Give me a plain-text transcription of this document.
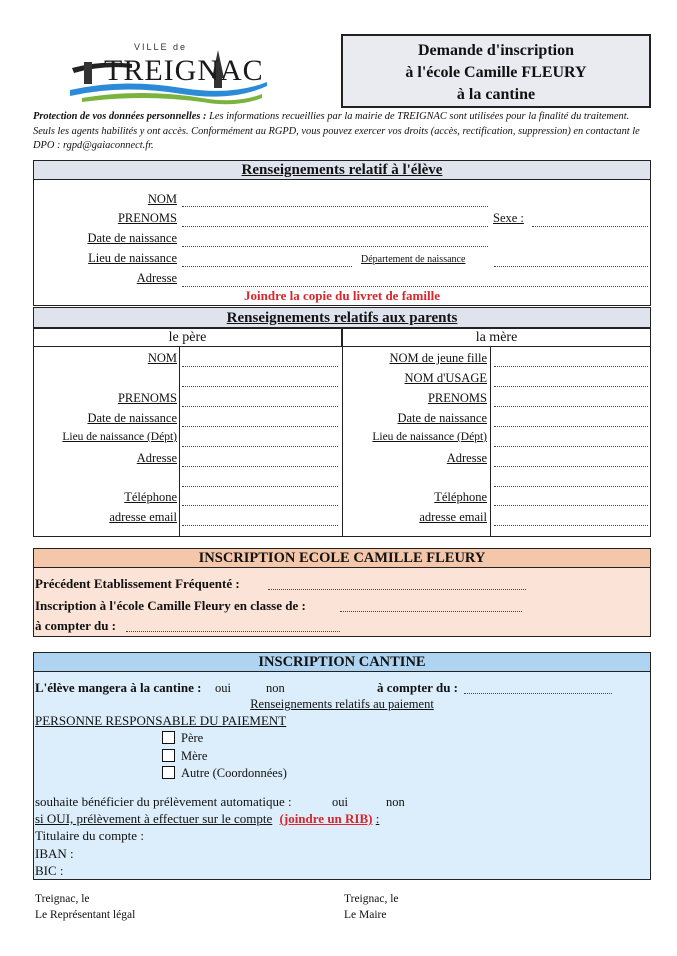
VILLE de
TREIGNAC
Demande d'inscription
à l'école Camille FLEURY
à la cantine
Protection de vos données personnelles : Les informations recueillies par la mairie de TREIGNAC sont utilisées pour la finalité du traitement. Seuls les agents habilités y ont accès. Conformément au RGPD, vous pouvez exercer vos droits (accès, rectification, suppression) en contactant le DPO : rgpd@gaiaconnect.fr.
Renseignements relatif à l'élève
NOM
PRENOMS	Sexe :
Date de naissance
Lieu de naissance	Département de naissance
Adresse
Joindre la copie du livret de famille
Renseignements relatifs aux parents
le père	la mère
NOM
PRENOMS
Date de naissance
Lieu de naissance (Dépt)
Adresse
Téléphone
adresse email
NOM de jeune fille
NOM d'USAGE
PRENOMS
Date de naissance
Lieu de naissance (Dépt)
Adresse
Téléphone
adresse email
INSCRIPTION ECOLE CAMILLE FLEURY
Précédent Etablissement Fréquenté :
Inscription à l'école Camille Fleury en classe de :
à compter du :
INSCRIPTION CANTINE
L'élève mangera à la cantine : oui	non	à compter du :
Renseignements relatifs au paiement
PERSONNE RESPONSABLE DU PAIEMENT
Père
Mère
Autre (Coordonnées)
souhaite bénéficier du prélèvement automatique :	oui	non
si OUI, prélèvement à effectuer sur le compte (joindre un RIB) :
Titulaire du compte :
IBAN :
BIC :
Treignac, le
Le Représentant légal
Treignac, le
Le Maire
